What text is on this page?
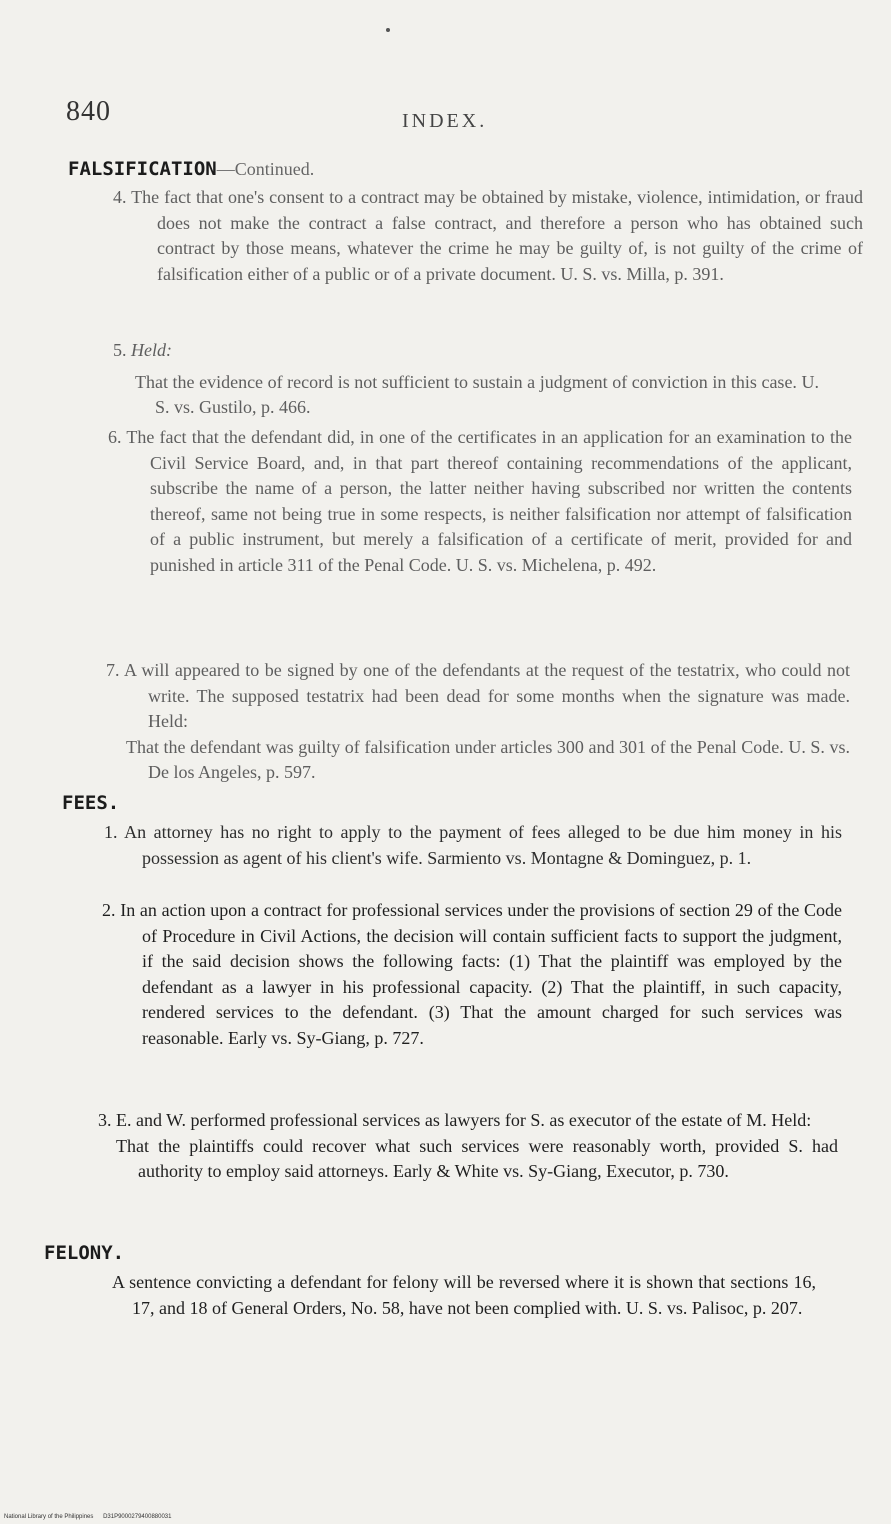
840	INDEX.
FALSIFICATION—Continued.
4. The fact that one's consent to a contract may be obtained by mistake, violence, intimidation, or fraud does not make the contract a false contract, and therefore a person who has obtained such contract by those means, whatever the crime he may be guilty of, is not guilty of the crime of falsification either of a public or of a private document. U. S. vs. Milla, p. 391.
5. Held:
That the evidence of record is not sufficient to sustain a judgment of conviction in this case. U. S. vs. Gustilo, p. 466.
6. The fact that the defendant did, in one of the certificates in an application for an examination to the Civil Service Board, and, in that part thereof containing recommendations of the applicant, subscribe the name of a person, the latter neither having subscribed nor written the contents thereof, same not being true in some respects, is neither falsification nor attempt of falsification of a public instrument, but merely a falsification of a certificate of merit, provided for and punished in article 311 of the Penal Code. U. S. vs. Michelena, p. 492.
7. A will appeared to be signed by one of the defendants at the request of the testatrix, who could not write. The supposed testatrix had been dead for some months when the signature was made. Held:
That the defendant was guilty of falsification under articles 300 and 301 of the Penal Code. U. S. vs. De los Angeles, p. 597.
FEES.
1. An attorney has no right to apply to the payment of fees alleged to be due him money in his possession as agent of his client's wife. Sarmiento vs. Montagne & Dominguez, p. 1.
2. In an action upon a contract for professional services under the provisions of section 29 of the Code of Procedure in Civil Actions, the decision will contain sufficient facts to support the judgment, if the said decision shows the following facts: (1) That the plaintiff was employed by the defendant as a lawyer in his professional capacity. (2) That the plaintiff, in such capacity, rendered services to the defendant. (3) That the amount charged for such services was reasonable. Early vs. Sy-Giang, p. 727.
3. E. and W. performed professional services as lawyers for S. as executor of the estate of M. Held:
That the plaintiffs could recover what such services were reasonably worth, provided S. had authority to employ said attorneys. Early & White vs. Sy-Giang, Executor, p. 730.
FELONY.
A sentence convicting a defendant for felony will be reversed where it is shown that sections 16, 17, and 18 of General Orders, No. 58, have not been complied with. U. S. vs. Palisoc, p. 207.
National Library of the Philippines D31P9000279400880031
